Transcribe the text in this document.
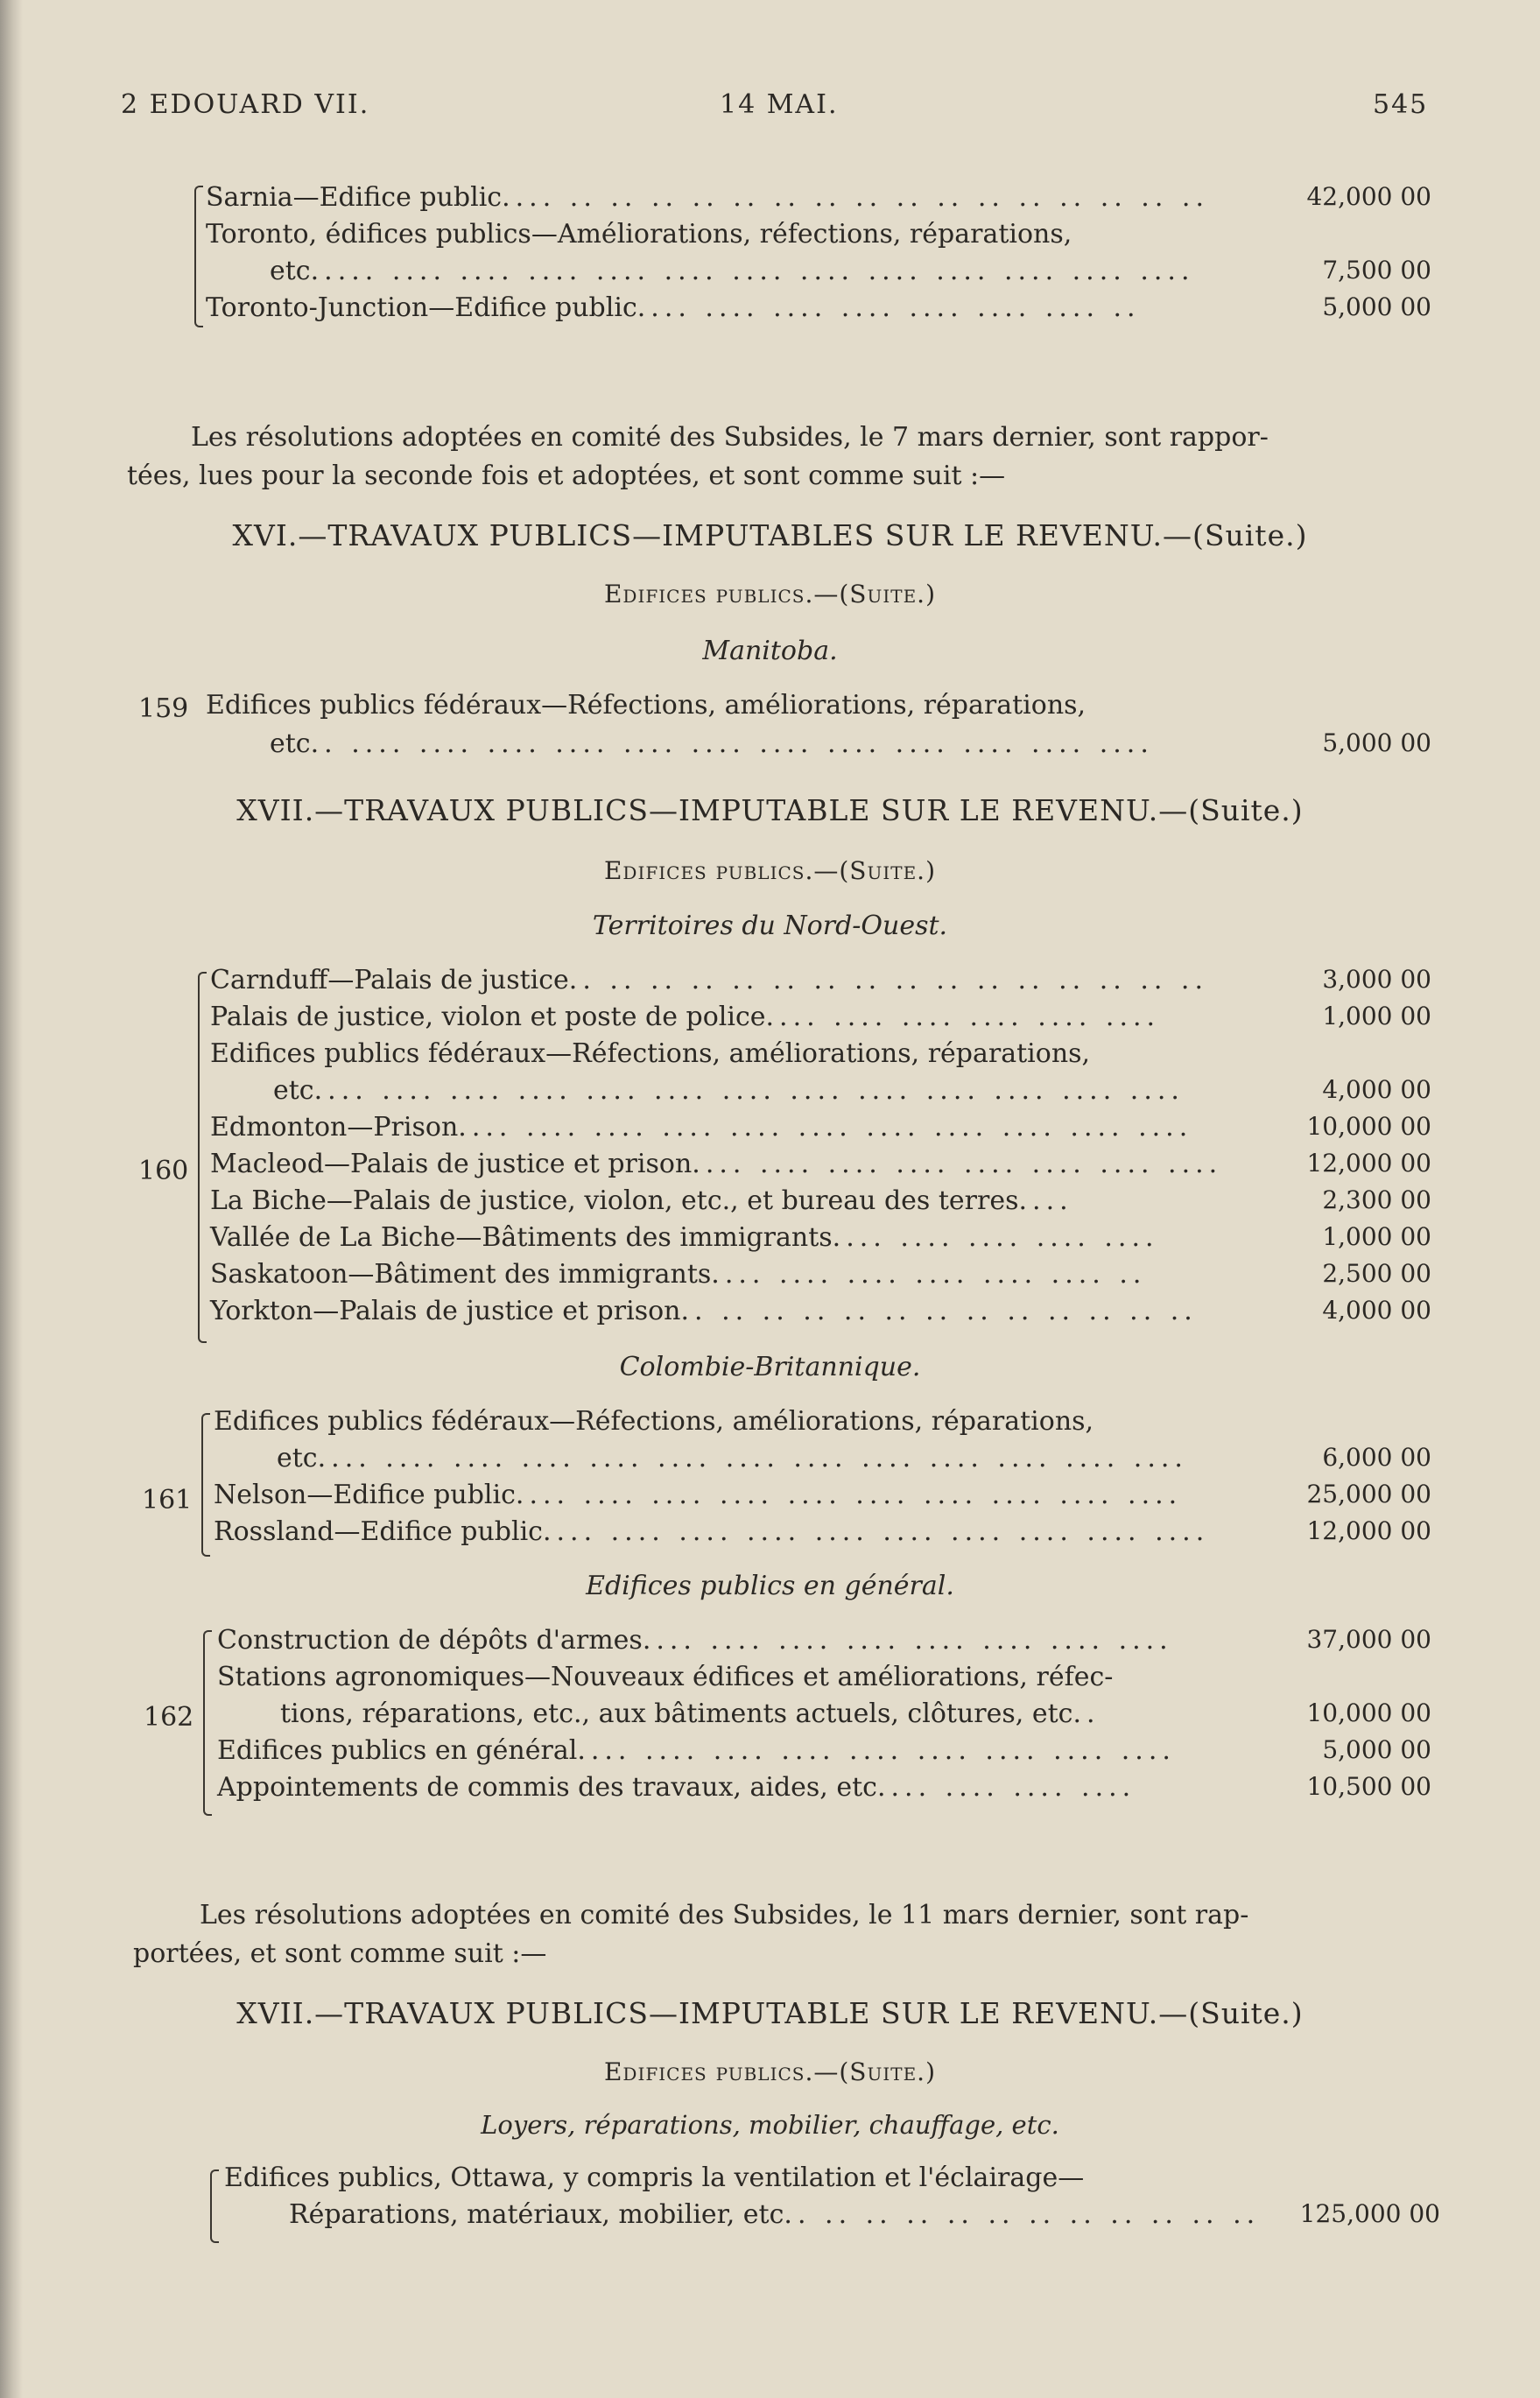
2 EDOUARD VII.	14 MAI.	545
Sarnia—Edifice public.... .. .. .. .. .. .. .. .. .. .. .. .. .. .. .. ..	42,000 00
Toronto, édifices publics—Améliorations, réfections, réparations,
etc..... .... .... .... .... .... .... .... .... .... .... .... ....	7,500 00
Toronto-Junction—Edifice public.... .... .... .... .... .... .... ..	5,000 00
Les résolutions adoptées en comité des Subsides, le 7 mars dernier, sont rappor-
tées, lues pour la seconde fois et adoptées, et sont comme suit :—
XVI.—TRAVAUX PUBLICS—IMPUTABLES SUR LE REVENU.—(Suite.)
Edifices publics.—(Suite.)
Manitoba.
159 Edifices publics fédéraux—Réfections, améliorations, réparations,
etc.. .... .... .... .... .... .... .... .... .... .... .... ....	5,000 00
XVII.—TRAVAUX PUBLICS—IMPUTABLE SUR LE REVENU.—(Suite.)
Edifices publics.—(Suite.)
Territoires du Nord-Ouest.
160
Carnduff—Palais de justice.. .. .. .. .. .. .. .. .. .. .. .. .. .. .. ..	3,000 00
Palais de justice, violon et poste de police.... .... .... .... .... ....	1,000 00
Edifices publics fédéraux—Réfections, améliorations, réparations,
etc.... .... .... .... .... .... .... .... .... .... .... .... ....	4,000 00
Edmonton—Prison.... .... .... .... .... .... .... .... .... .... ....	10,000 00
Macleod—Palais de justice et prison.... .... .... .... .... .... .... ....	12,000 00
La Biche—Palais de justice, violon, etc., et bureau des terres....	2,300 00
Vallée de La Biche—Bâtiments des immigrants.... .... .... .... ....	1,000 00
Saskatoon—Bâtiment des immigrants.... .... .... .... .... .... ..	2,500 00
Yorkton—Palais de justice et prison.. .. .. .. .. .. .. .. .. .. .. .. ..	4,000 00
Colombie-Britannique.
161
Edifices publics fédéraux—Réfections, améliorations, réparations,
etc.... .... .... .... .... .... .... .... .... .... .... .... ....	6,000 00
Nelson—Edifice public.... .... .... .... .... .... .... .... .... ....	25,000 00
Rossland—Edifice public.... .... .... .... .... .... .... .... .... ....	12,000 00
Edifices publics en général.
162
Construction de dépôts d'armes.... .... .... .... .... .... .... ....	37,000 00
Stations agronomiques—Nouveaux édifices et améliorations, réfec-
tions, réparations, etc., aux bâtiments actuels, clôtures, etc..	10,000 00
Edifices publics en général.... .... .... .... .... .... .... .... ....	5,000 00
Appointements de commis des travaux, aides, etc.... .... .... ....	10,500 00
Les résolutions adoptées en comité des Subsides, le 11 mars dernier, sont rap-
portées, et sont comme suit :—
XVII.—TRAVAUX PUBLICS—IMPUTABLE SUR LE REVENU.—(Suite.)
Edifices publics.—(Suite.)
Loyers, réparations, mobilier, chauffage, etc.
Edifices publics, Ottawa, y compris la ventilation et l'éclairage—
Réparations, matériaux, mobilier, etc.. .. .. .. .. .. .. .. .. .. .. ..	125,000 00
